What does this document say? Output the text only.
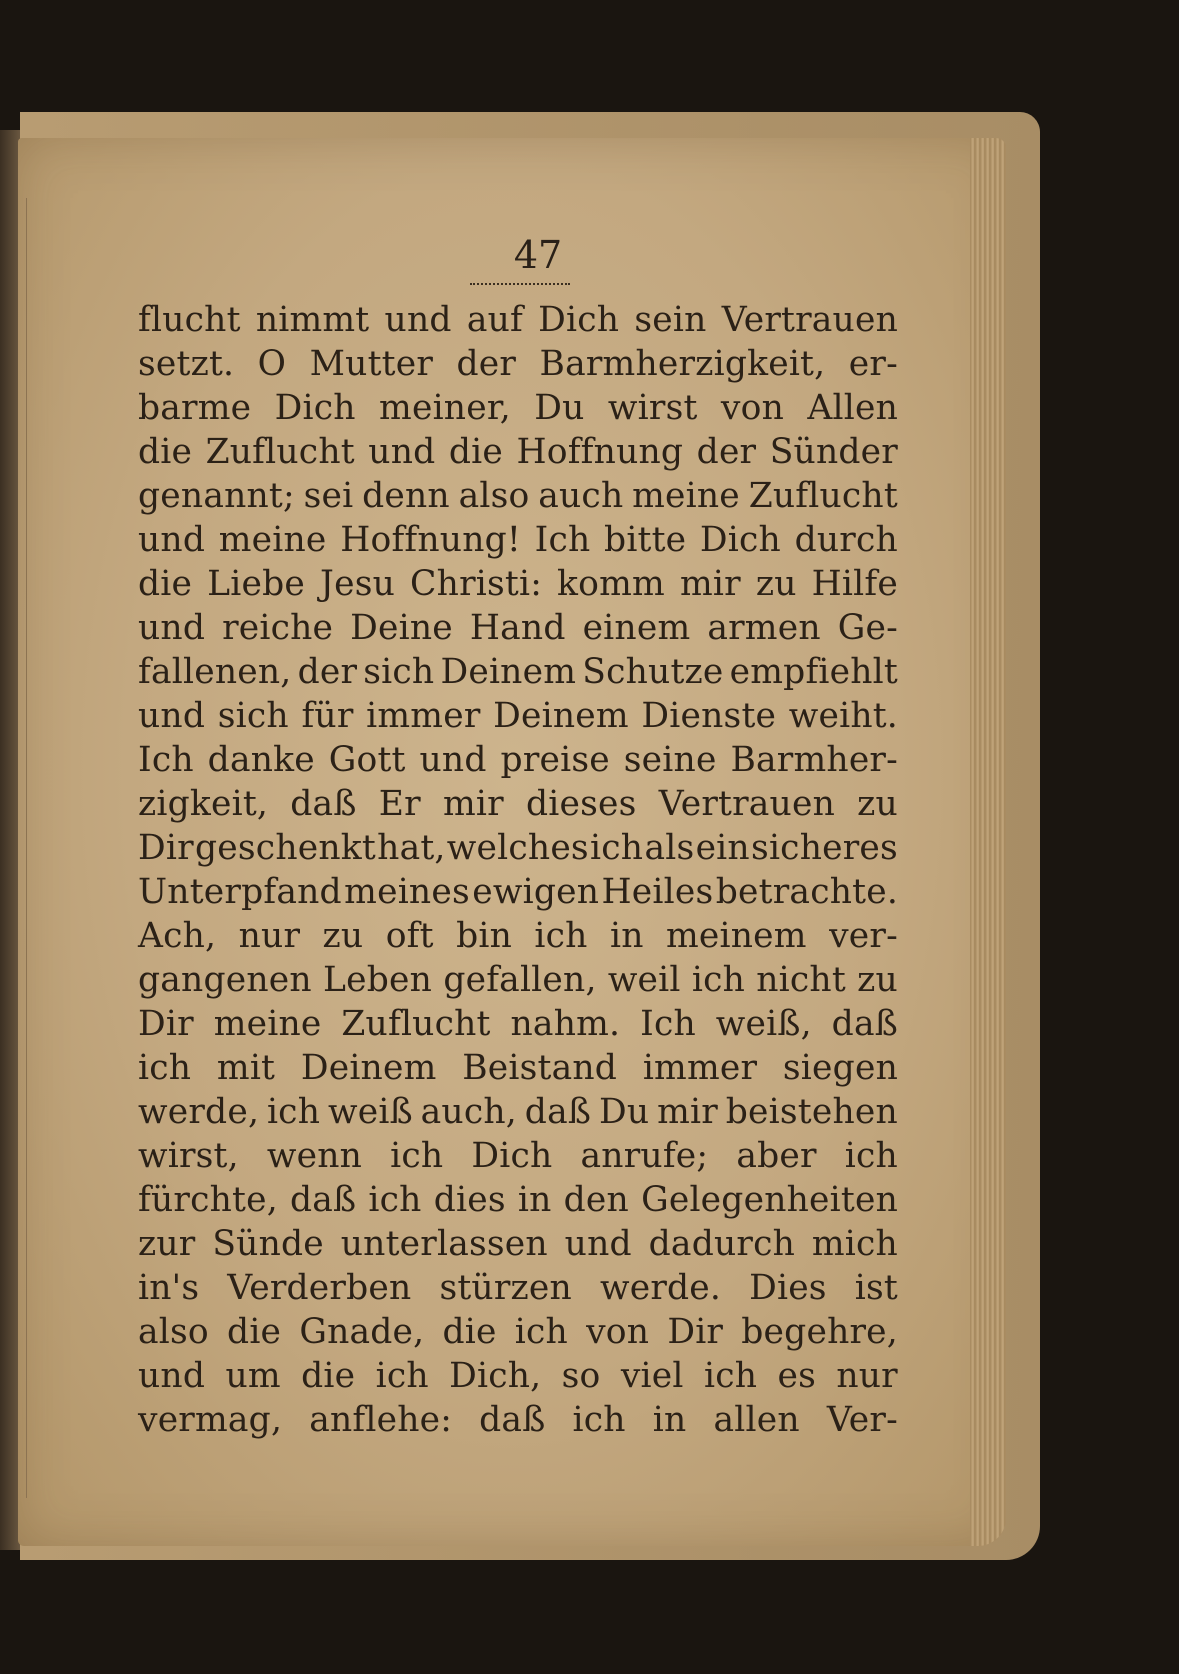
47
flucht nimmt und auf Dich sein Vertrauen
setzt. O Mutter der Barmherzigkeit, er-
barme Dich meiner, Du wirst von Allen
die Zuflucht und die Hoffnung der Sünder
genannt; sei denn also auch meine Zuflucht
und meine Hoffnung! Ich bitte Dich durch
die Liebe Jesu Christi: komm mir zu Hilfe
und reiche Deine Hand einem armen Ge-
fallenen, der sich Deinem Schutze empfiehlt
und sich für immer Deinem Dienste weiht.
Ich danke Gott und preise seine Barmher-
zigkeit, daß Er mir dieses Vertrauen zu
Dir geschenkt hat, welches ich als ein sicheres
Unterpfand meines ewigen Heiles betrachte.
Ach, nur zu oft bin ich in meinem ver-
gangenen Leben gefallen, weil ich nicht zu
Dir meine Zuflucht nahm. Ich weiß, daß
ich mit Deinem Beistand immer siegen
werde, ich weiß auch, daß Du mir beistehen
wirst, wenn ich Dich anrufe; aber ich
fürchte, daß ich dies in den Gelegenheiten
zur Sünde unterlassen und dadurch mich
in's Verderben stürzen werde. Dies ist
also die Gnade, die ich von Dir begehre,
und um die ich Dich, so viel ich es nur
vermag, anflehe: daß ich in allen Ver-
